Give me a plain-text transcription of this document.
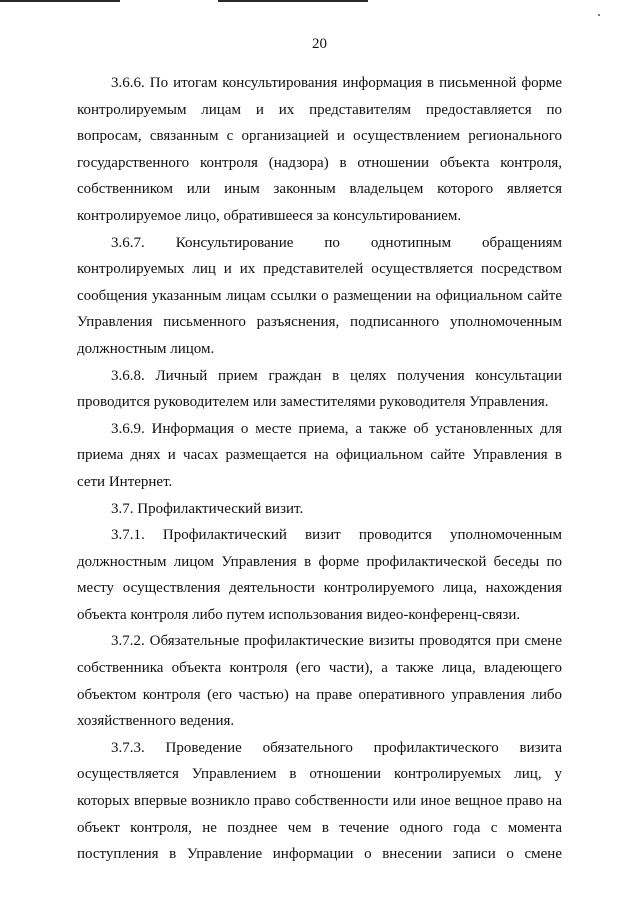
20

3.6.6. По итогам консультирования информация в письменной форме контролируемым лицам и их представителям предоставляется по вопросам, связанным с организацией и осуществлением регионального государственного контроля (надзора) в отношении объекта контроля, собственником или иным законным владельцем которого является контролируемое лицо, обратившееся за консультированием.

3.6.7. Консультирование по однотипным обращениям контролируемых лиц и их представителей осуществляется посредством сообщения указанным лицам ссылки о размещении на официальном сайте Управления письменного разъяснения, подписанного уполномоченным должностным лицом.

3.6.8. Личный прием граждан в целях получения консультации проводится руководителем или заместителями руководителя Управления.

3.6.9. Информация о месте приема, а также об установленных для приема днях и часах размещается на официальном сайте Управления в сети Интернет.

3.7. Профилактический визит.

3.7.1. Профилактический визит проводится уполномоченным должностным лицом Управления в форме профилактической беседы по месту осуществления деятельности контролируемого лица, нахождения объекта контроля либо путем использования видео-конференц-связи.

3.7.2. Обязательные профилактические визиты проводятся при смене собственника объекта контроля (его части), а также лица, владеющего объектом контроля (его частью) на праве оперативного управления либо хозяйственного ведения.

3.7.3. Проведение обязательного профилактического визита осуществляется Управлением в отношении контролируемых лиц, у которых впервые возникло право собственности или иное вещное право на объект контроля, не позднее чем в течение одного года с момента поступления в Управление информации о внесении записи о смене
